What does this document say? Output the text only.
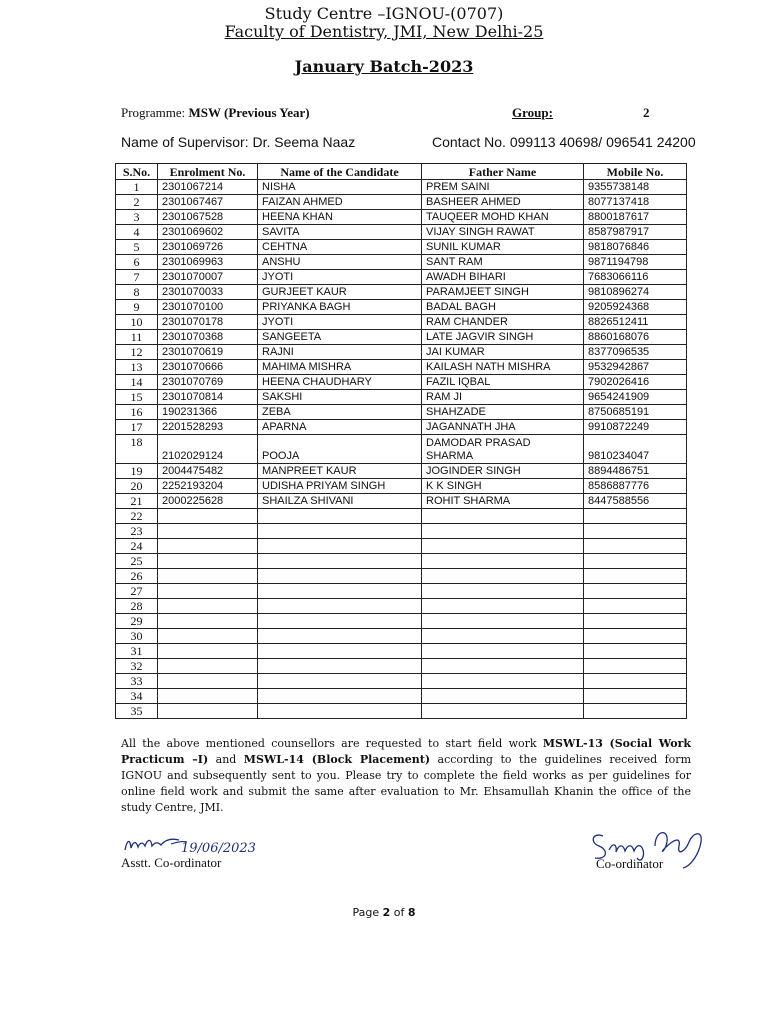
Study Centre –IGNOU-(0707)
Faculty of Dentistry, JMI, New Delhi-25
January Batch-2023
Programme: MSW (Previous Year)	Group:	2
Name of Supervisor: Dr. Seema Naaz	Contact No. 099113 40698/ 096541 24200
S.No.	Enrolment No.	Name of the Candidate	Father Name	Mobile No.
1	2301067214	NISHA	PREM SAINI	9355738148
2	2301067467	FAIZAN AHMED	BASHEER AHMED	8077137418
3	2301067528	HEENA KHAN	TAUQEER MOHD KHAN	8800187617
4	2301069602	SAVITA	VIJAY SINGH RAWAT	8587987917
5	2301069726	CEHTNA	SUNIL KUMAR	9818076846
6	2301069963	ANSHU	SANT RAM	9871194798
7	2301070007	JYOTI	AWADH BIHARI	7683066116
8	2301070033	GURJEET KAUR	PARAMJEET SINGH	9810896274
9	2301070100	PRIYANKA BAGH	BADAL BAGH	9205924368
10	2301070178	JYOTI	RAM CHANDER	8826512411
11	2301070368	SANGEETA	LATE JAGVIR SINGH	8860168076
12	2301070619	RAJNI	JAI KUMAR	8377096535
13	2301070666	MAHIMA MISHRA	KAILASH NATH MISHRA	9532942867
14	2301070769	HEENA CHAUDHARY	FAZIL IQBAL	7902026416
15	2301070814	SAKSHI	RAM JI	9654241909
16	190231366	ZEBA	SHAHZADE	8750685191
17	2201528293	APARNA	JAGANNATH JHA	9910872249
18	2102029124	POOJA	DAMODAR PRASAD SHARMA	9810234047
19	2004475482	MANPREET KAUR	JOGINDER SINGH	8894486751
20	2252193204	UDISHA PRIYAM SINGH	K K SINGH	8586887776
21	2000225628	SHAILZA SHIVANI	ROHIT SHARMA	8447588556
22				
23				
24				
25				
26				
27				
28				
29				
30				
31				
32				
33				
34				
35				
All the above mentioned counsellors are requested to start field work MSWL-13 (Social Work Practicum –I) and MSWL-14 (Block Placement) according to the guidelines received form IGNOU and subsequently sent to you. Please try to complete the field works as per guidelines for online field work and submit the same after evaluation to Mr. Ehsamullah Khanin the office of the study Centre, JMI.
19/06/2023
Asstt. Co-ordinator	Co-ordinator
Page 2 of 8
